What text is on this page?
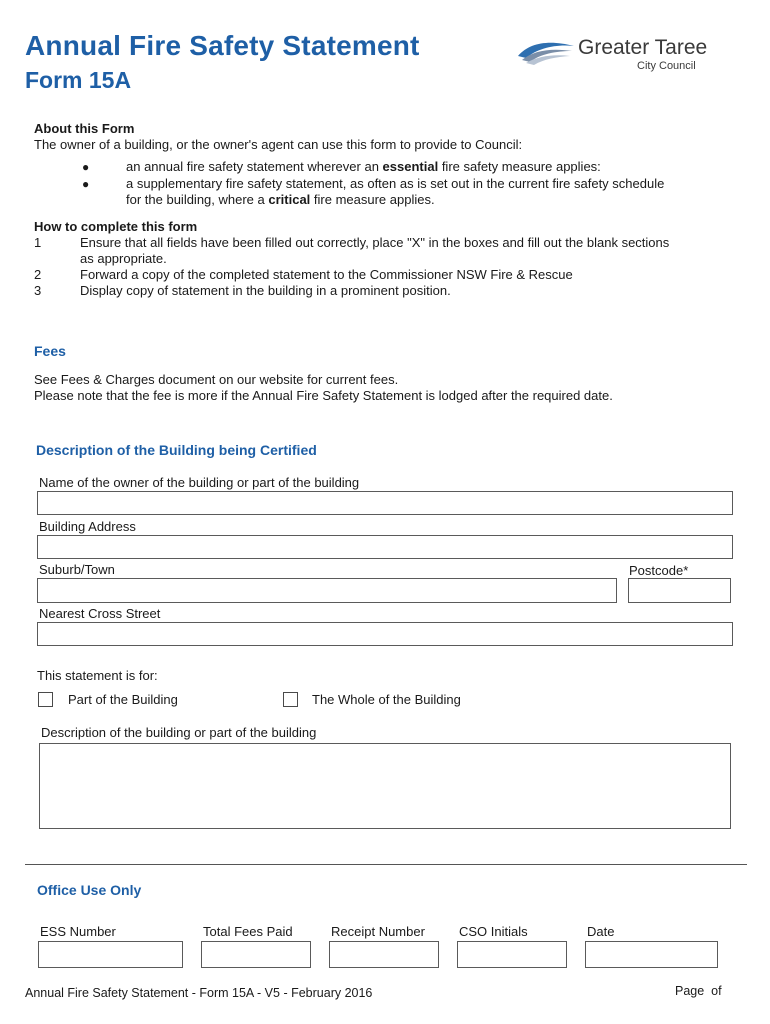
Annual Fire Safety Statement
Form 15A
Greater Taree
City Council
About this Form
The owner of a building, or the owner's agent can use this form to provide to Council:
●	an annual fire safety statement wherever an essential fire safety measure applies:
●	a supplementary fire safety statement, as often as is set out in the current fire safety schedule
for the building, where a critical fire measure applies.
How to complete this form
1	Ensure that all fields have been filled out correctly, place "X" in the boxes and fill out the blank sections
as appropriate.
2	Forward a copy of the completed statement to the Commissioner NSW Fire & Rescue
3	Display copy of statement in the building in a prominent position.
Fees
See Fees & Charges document on our website for current fees.
Please note that the fee is more if the Annual Fire Safety Statement is lodged after the required date.
Description of the Building being Certified
Name of the owner of the building or part of the building
Building Address
Suburb/Town	Postcode*
Nearest Cross Street
This statement is for:
Part of the Building	The Whole of the Building
Description of the building or part of the building
Office Use Only
ESS Number	Total Fees Paid	Receipt Number	CSO Initials	Date
Annual Fire Safety Statement - Form 15A - V5 - February 2016	Page of
